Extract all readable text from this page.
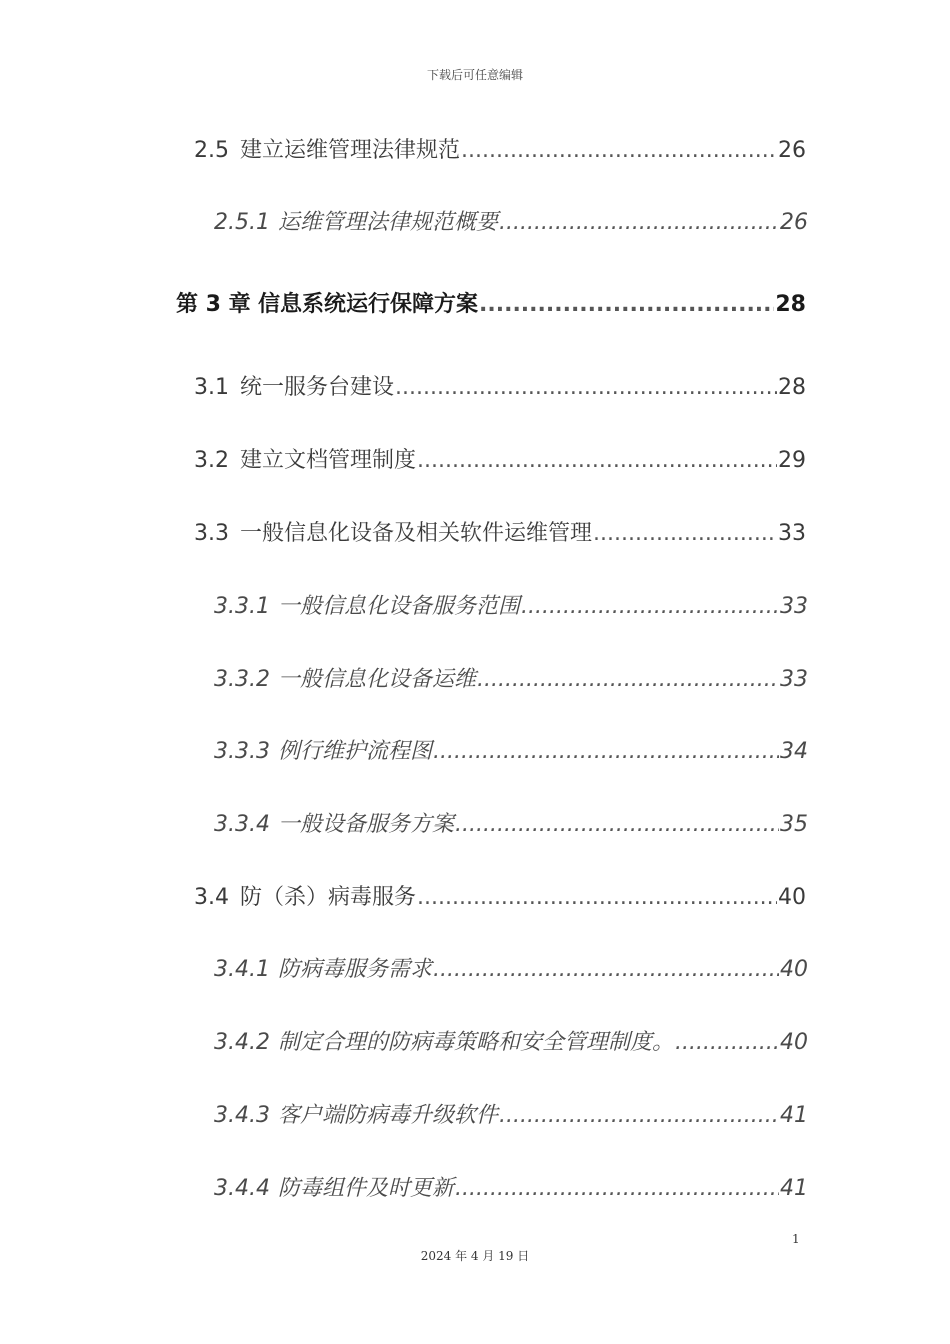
下载后可任意编辑
2.5 建立运维管理法律规范 .....	26
2.5.1 运维管理法律规范概要 .....	26
第 3 章 信息系统运行保障方案 .....	28
3.1 统一服务台建设 .....	28
3.2 建立文档管理制度 .....	29
3.3 一般信息化设备及相关软件运维管理 .....	33
3.3.1 一般信息化设备服务范围 .....	33
3.3.2 一般信息化设备运维 .....	33
3.3.3 例行维护流程图 .....	34
3.3.4 一般设备服务方案 .....	35
3.4 防（杀）病毒服务 .....	40
3.4.1 防病毒服务需求 .....	40
3.4.2 制定合理的防病毒策略和安全管理制度。 .....	40
3.4.3 客户端防病毒升级软件 .....	41
3.4.4 防毒组件及时更新 .....	41
1
2024 年 4 月 19 日
